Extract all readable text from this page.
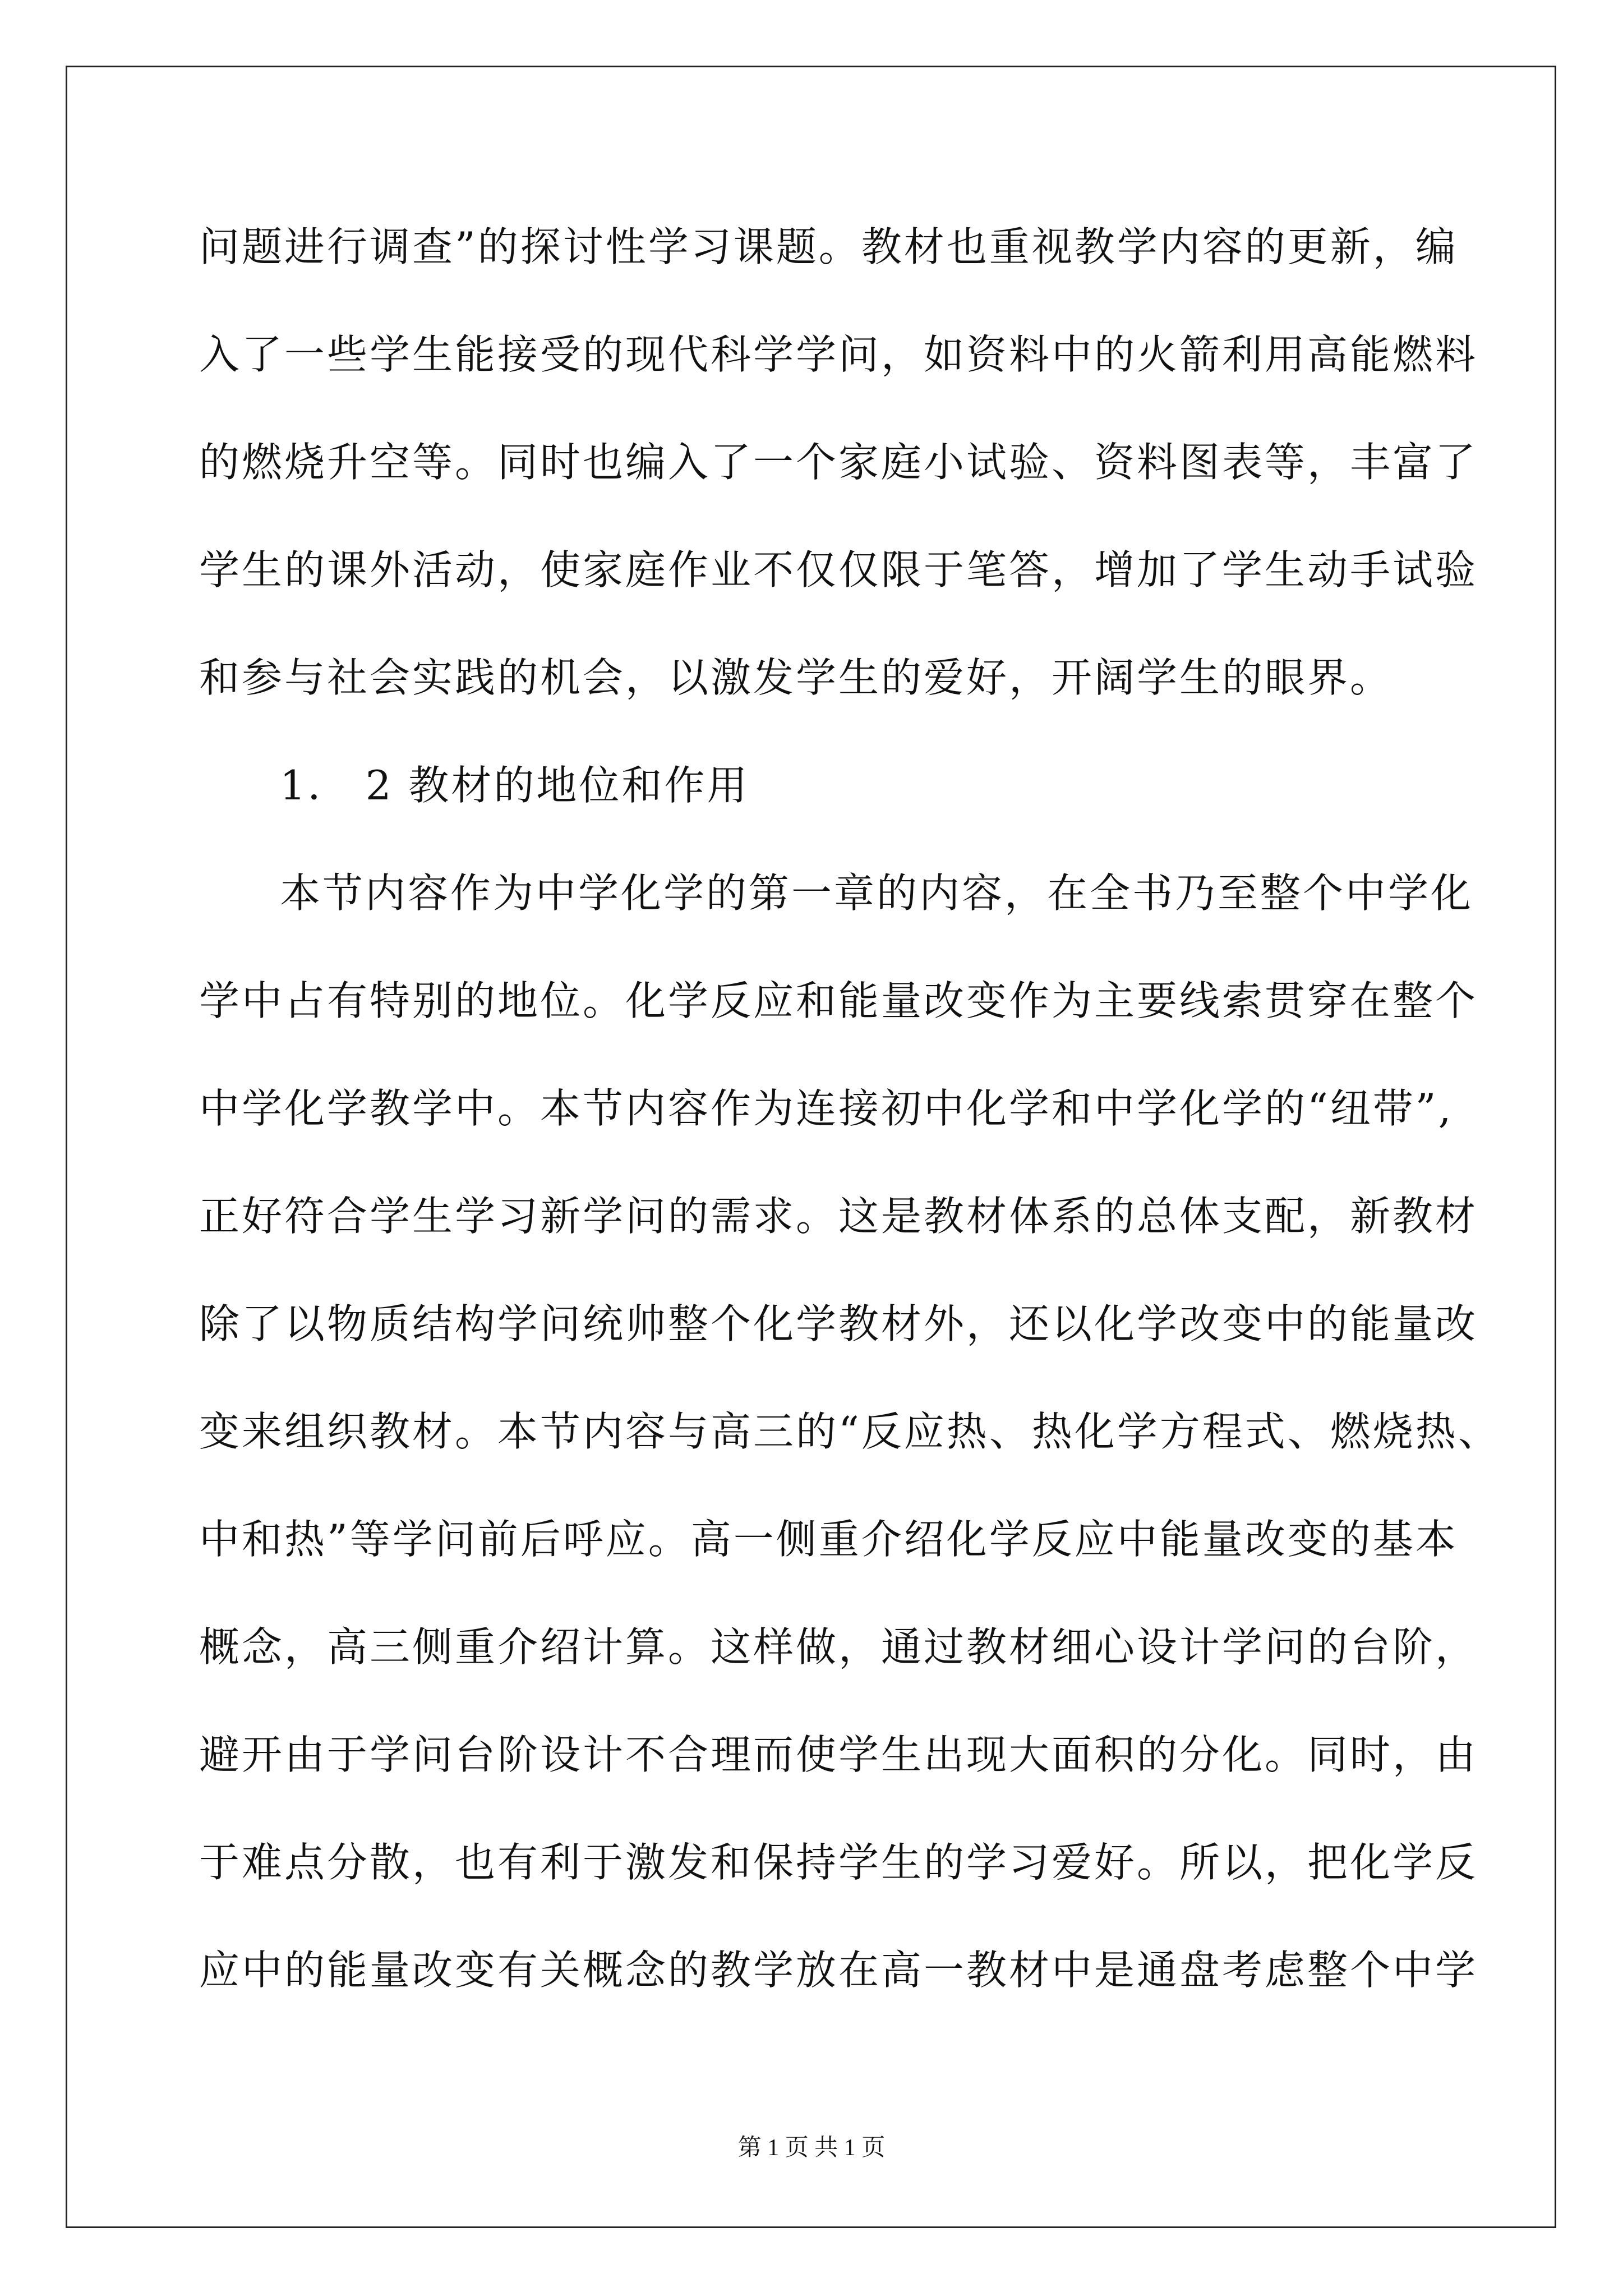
问题进行调查”的探讨性学习课题。教材也重视教学内容的更新，编
入了一些学生能接受的现代科学学问，如资料中的火箭利用高能燃料
的燃烧升空等。同时也编入了一个家庭小试验、资料图表等，丰富了
学生的课外活动，使家庭作业不仅仅限于笔答，增加了学生动手试验
和参与社会实践的机会，以激发学生的爱好，开阔学生的眼界。
1． 2 教材的地位和作用
本节内容作为中学化学的第一章的内容，在全书乃至整个中学化
学中占有特别的地位。化学反应和能量改变作为主要线索贯穿在整个
中学化学教学中。本节内容作为连接初中化学和中学化学的“纽带”,
正好符合学生学习新学问的需求。这是教材体系的总体支配，新教材
除了以物质结构学问统帅整个化学教材外，还以化学改变中的能量改
变来组织教材。本节内容与高三的“反应热、热化学方程式、燃烧热、
中和热”等学问前后呼应。高一侧重介绍化学反应中能量改变的基本
概念，高三侧重介绍计算。这样做，通过教材细心设计学问的台阶，
避开由于学问台阶设计不合理而使学生出现大面积的分化。同时，由
于难点分散，也有利于激发和保持学生的学习爱好。所以，把化学反
应中的能量改变有关概念的教学放在高一教材中是通盘考虑整个中学
第 1 页 共 1 页
